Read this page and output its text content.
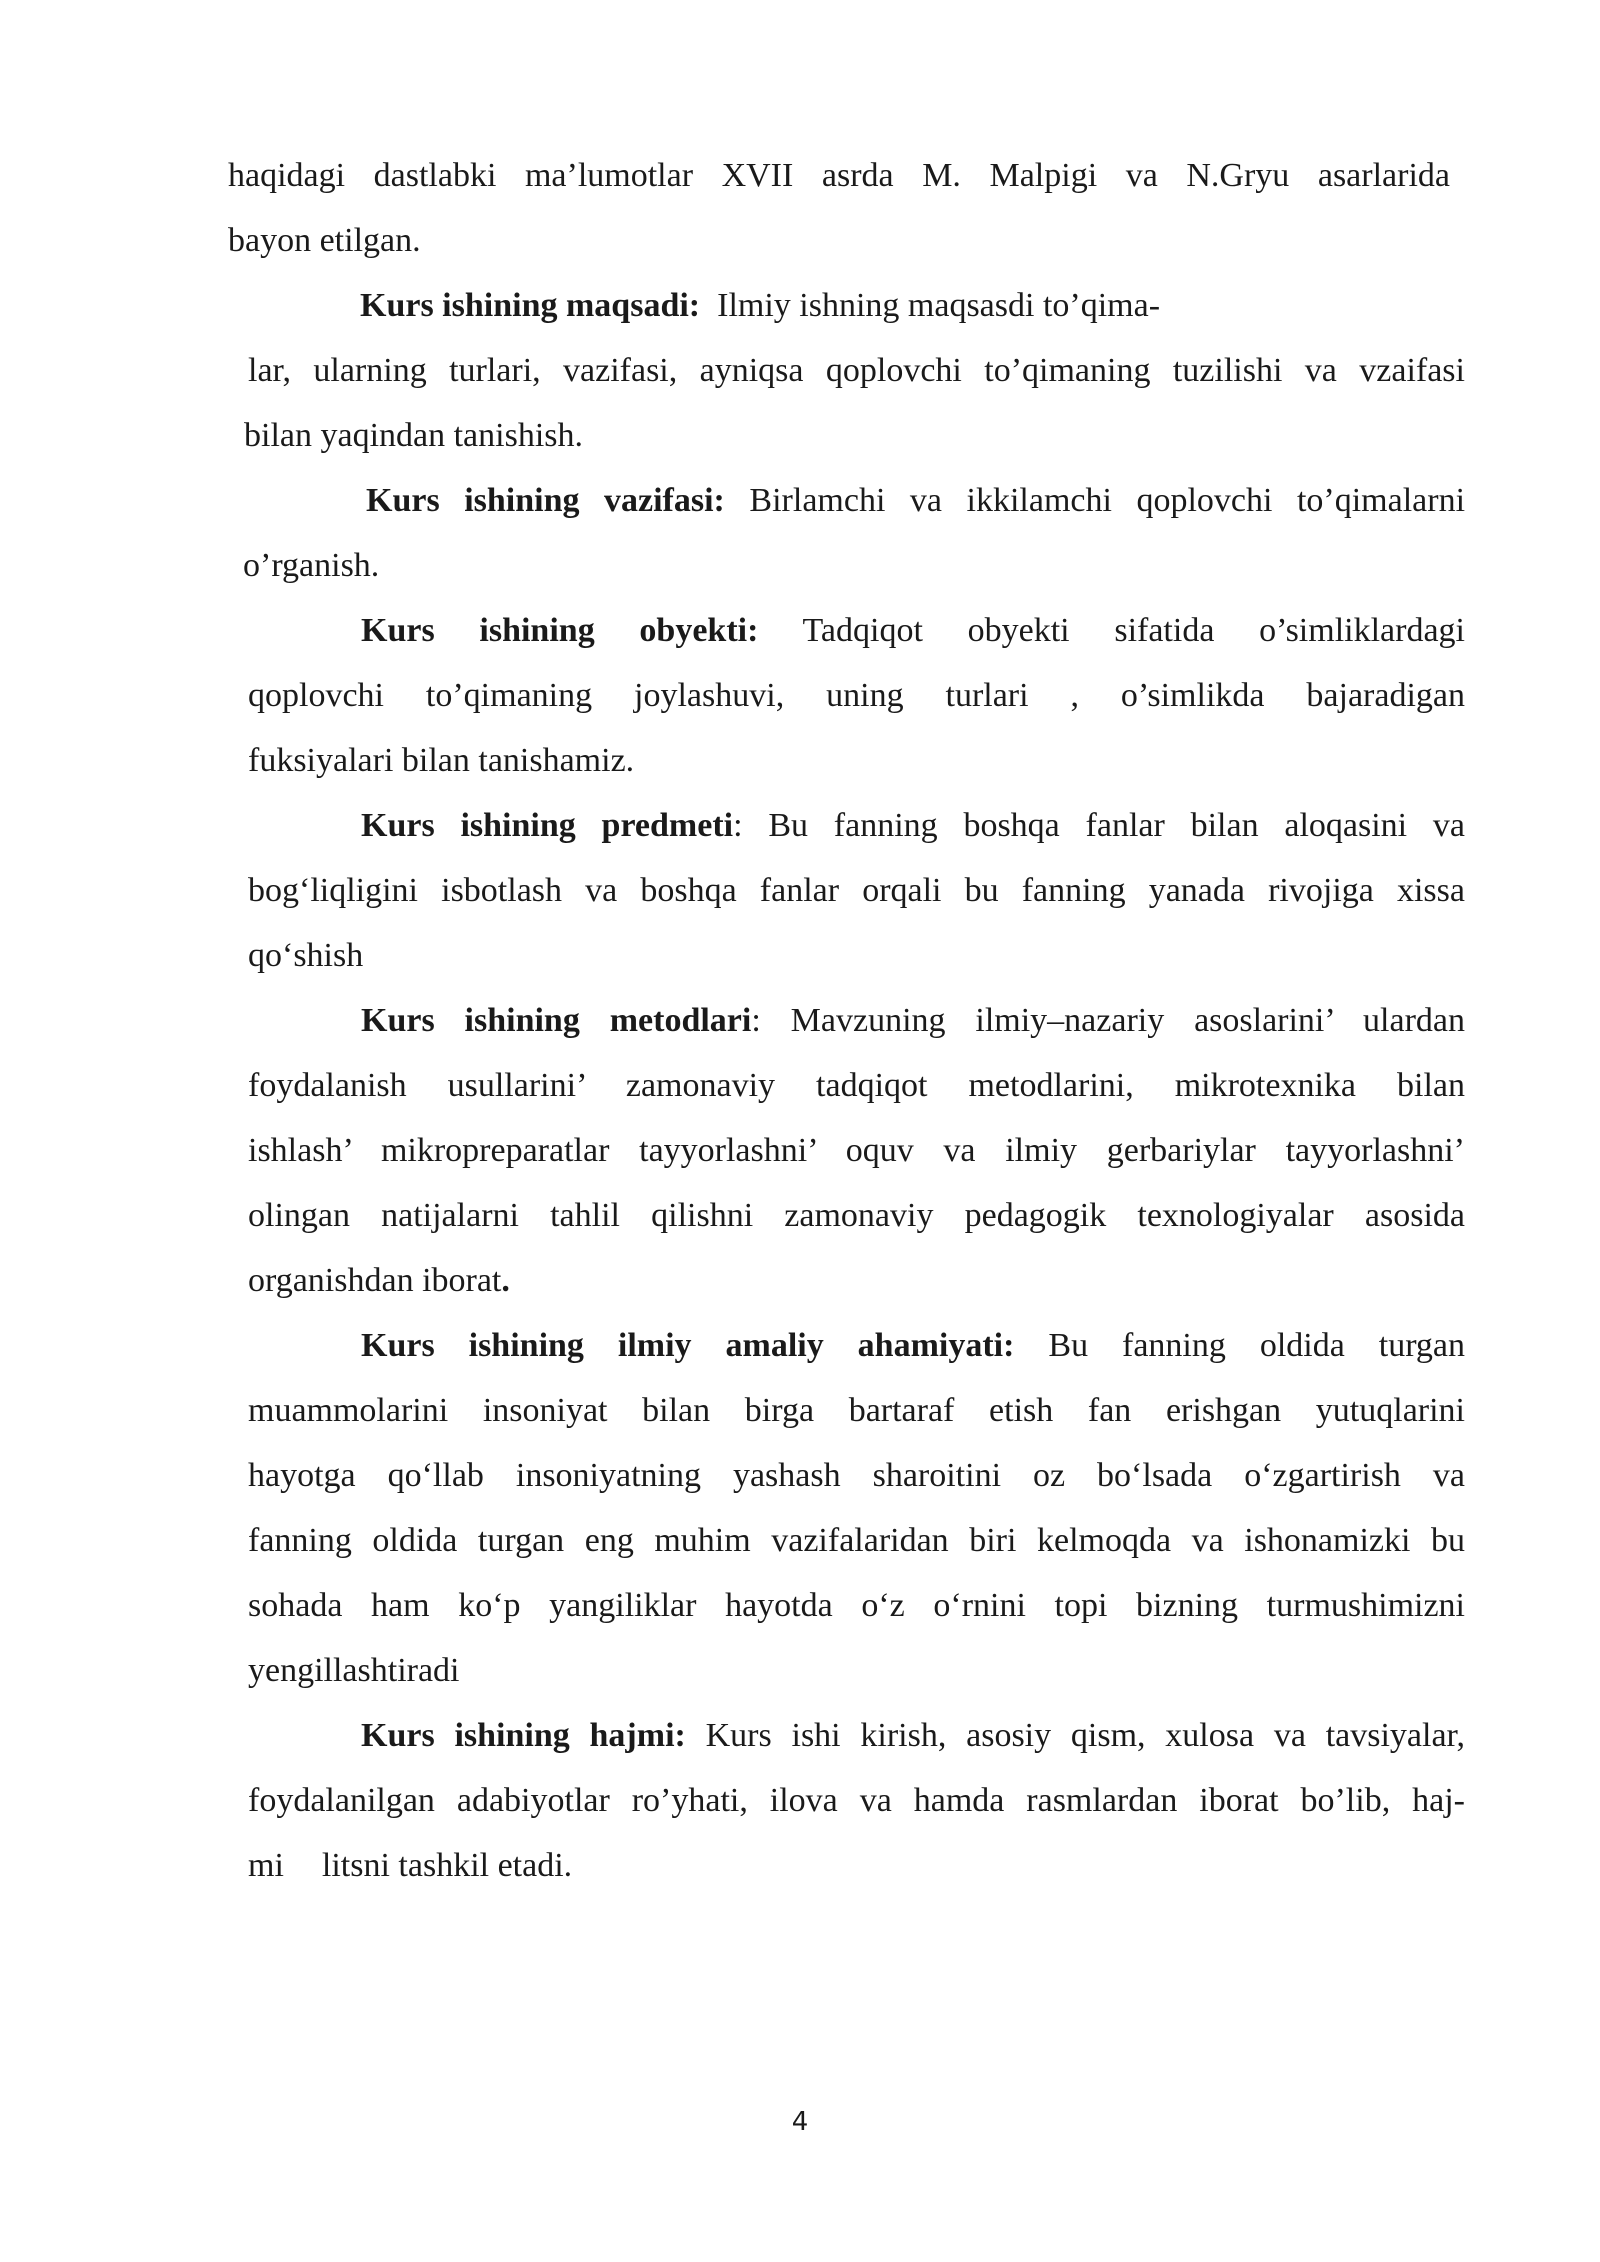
haqidagi dastlabki ma’lumotlar XVII asrda M. Malpigi va N.Gryu asarlarida
bayon etilgan.
Kurs ishining maqsadi: Ilmiy ishning maqsasdi to’qima-
lar, ularning turlari, vazifasi, ayniqsa qoplovchi to’qimaning tuzilishi va vzaifasi
bilan yaqindan tanishish.
Kurs ishining vazifasi: Birlamchi va ikkilamchi qoplovchi to’qimalarni
o’rganish.
Kurs ishining obyekti: Tadqiqot obyekti sifatida o’simliklardagi
qoplovchi to’qimaning joylashuvi, uning turlari , o’simlikda bajaradigan
fuksiyalari bilan tanishamiz.
Kurs ishining predmeti: Bu fanning boshqa fanlar bilan aloqasini va
bog‘liqligini isbotlash va boshqa fanlar orqali bu fanning yanada rivojiga xissa
qo‘shish
Kurs ishining metodlari: Mavzuning ilmiy–nazariy asoslarini’ ulardan
foydalanish usullarini’ zamonaviy tadqiqot metodlarini, mikrotexnika bilan
ishlash’ mikropreparatlar tayyorlashni’ oquv va ilmiy gerbariylar tayyorlashni’
olingan natijalarni tahlil qilishni zamonaviy pedagogik texnologiyalar asosida
organishdan iborat.
Kurs ishining ilmiy amaliy ahamiyati: Bu fanning oldida turgan
muammolarini insoniyat bilan birga bartaraf etish fan erishgan yutuqlarini
hayotga qo‘llab insoniyatning yashash sharoitini oz bo‘lsada o‘zgartirish va
fanning oldida turgan eng muhim vazifalaridan biri kelmoqda va ishonamizki bu
sohada ham ko‘p yangiliklar hayotda o‘z o‘rnini topi bizning turmushimizni
yengillashtiradi
Kurs ishining hajmi: Kurs ishi kirish, asosiy qism, xulosa va tavsiyalar,
foydalanilgan adabiyotlar ro’yhati, ilova va hamda rasmlardan iborat bo’lib, haj-
mi litsni tashkil etadi.
4
